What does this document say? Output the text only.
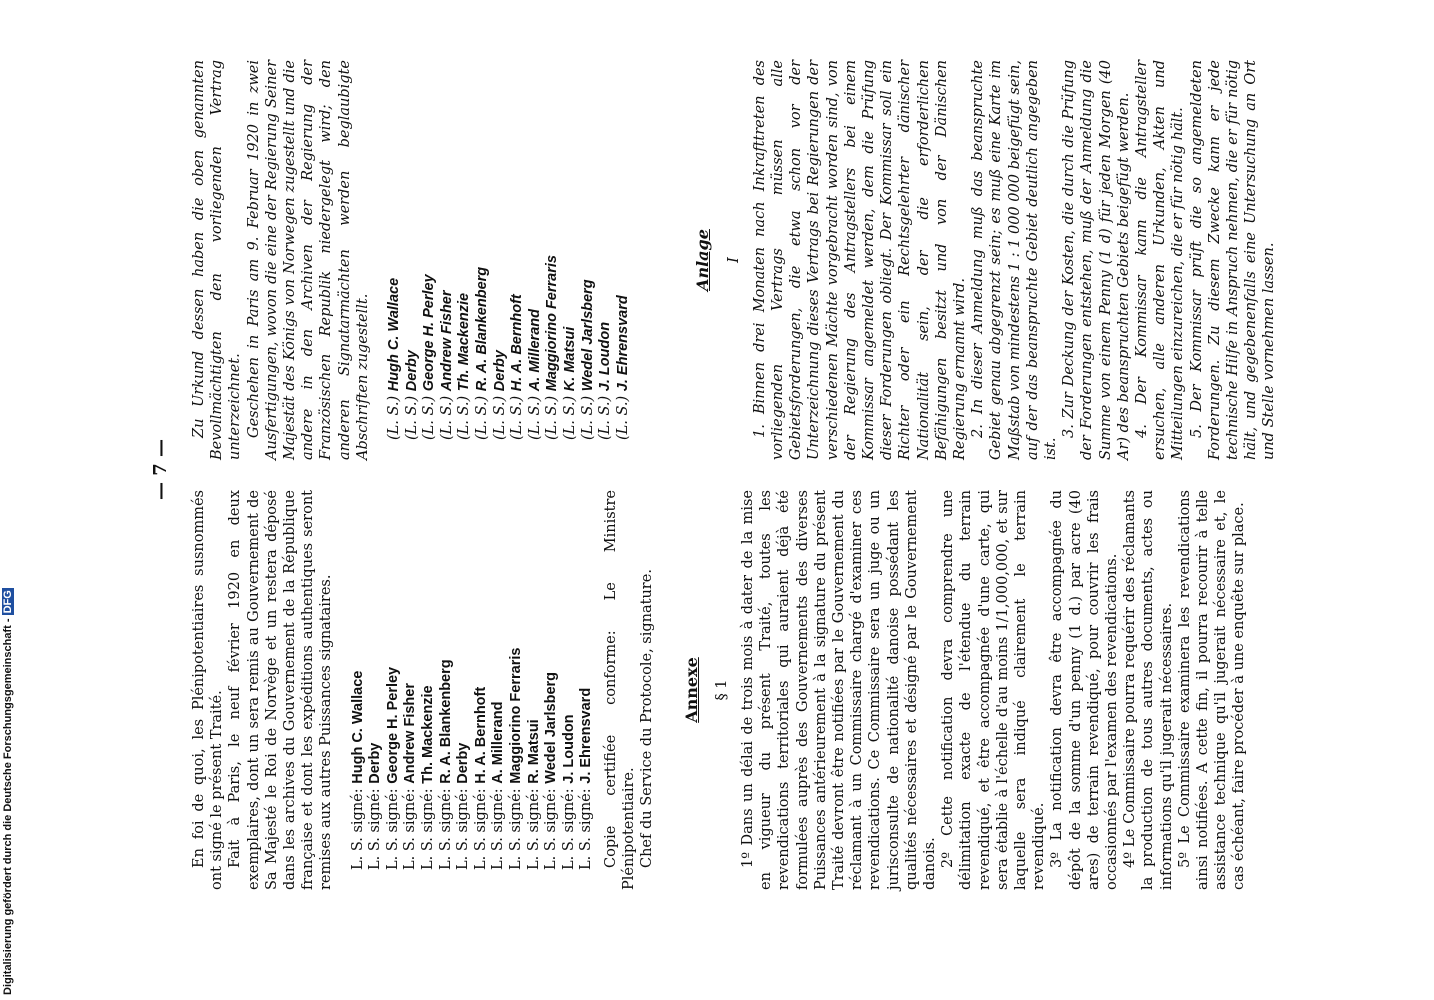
— 7 —

En foi de quoi, les Plénipotentiaires susnommés ont signé le présent Traité. Fait à Paris, le neuf février 1920 en deux exemplaires, dont un sera remis au Gouvernement de Sa Majesté le Roi de Norvège et un restera déposé dans les archives du Gouvernement de la République française et dont les expéditions authentiques seront remises aux autres Puissances signataires. L. S. signé: Hugh C. Wallace
L. S. signé: Derby
L. S. signé: George H. Perley
L. S. signé: Andrew Fisher
L. S. signé: Th. Mackenzie
L. S. signé: R. A. Blankenberg
L. S. signé: Derby
L. S. signé: H. A. Bernhoft
L. S. signé: A. Millerand
L. S. signé: Maggiorino Ferraris
L. S. signé: R. Matsui
L. S. signé: Wedel Jarlsberg
L. S. signé: J. Loudon
L. S. signé: J. Ehrensvard Copie certifiée conforme: Le Ministre Plénipotentiaire. Chef du Service du Protocole, signature. Annexe § 1 1º Dans un délai de trois mois à dater de la mise en vigueur du présent Traité, toutes les revendications territoriales qui auraient déjà été formulées auprès des Gouvernements des diverses Puissances antérieurement à la signature du présent Traité devront être notifiées par le Gouvernement du réclamant à un Commissaire chargé d'examiner ces revendications. Ce Commissaire sera un juge ou un jurisconsulte de nationalité danoise possédant les qualités nécessaires et désigné par le Gouvernement danois. 2º Cette notification devra comprendre une délimitation exacte de l'étendue du terrain revendiqué, et être accompagnée d'une carte, qui sera établie à l'échelle d'au moins 1/1,000,000, et sur laquelle sera indiqué clairement le terrain revendiqué. 3º La notification devra être accompagnée du dépôt de la somme d'un penny (1 d.) par acre (40 ares) de terrain revendiqué, pour couvrir les frais occasionnés par l'examen des revendications. 4º Le Commissaire pourra requérir des réclamants la production de tous autres documents, actes ou informations qu'il jugerait nécessaires. 5º Le Commissaire examinera les revendications ainsi notifiées. A cette fin, il pourra recourir à telle assistance technique qu'il jugerait nécessaire et, le cas échéant, faire procéder à une enquête sur place.

Zu Urkund dessen haben die oben genannten Bevollmächtigten den vorliegenden Vertrag unterzeichnet. Geschehen in Paris am 9. Februar 1920 in zwei Ausfertigungen, wovon die eine der Regierung Seiner Majestät des Königs von Norwegen zugestellt und die andere in den Archiven der Regierung der Französischen Republik niedergelegt wird; den anderen Signatarmächten werden beglaubigte Abschriften zugestellt. (L. S.) Hugh C. Wallace
(L. S.) Derby
(L. S.) George H. Perley
(L. S.) Andrew Fisher
(L. S.) Th. Mackenzie
(L. S.) R. A. Blankenberg
(L. S.) Derby
(L. S.) H. A. Bernhoft
(L. S.) A. Millerand
(L. S.) Maggiorino Ferraris
(L. S.) K. Matsui
(L. S.) Wedel Jarlsberg
(L. S.) J. Loudon
(L. S.) J. Ehrensvard
Anlage I 1. Binnen drei Monaten nach Inkrafttreten des vorliegenden Vertrags müssen alle Gebietsforderungen, die etwa schon vor der Unterzeichnung dieses Vertrags bei Regierungen der verschiedenen Mächte vorgebracht worden sind, von der Regierung des Antragstellers bei einem Kommissar angemeldet werden, dem die Prüfung dieser Forderungen obliegt. Der Kommissar soll ein Richter oder ein Rechtsgelehrter dänischer Nationalität sein, der die erforderlichen Befähigungen besitzt und von der Dänischen Regierung ernannt wird. 2. In dieser Anmeldung muß das beanspruchte Gebiet genau abgegrenzt sein; es muß eine Karte im Maßstab von mindestens 1 : 1 000 000 beigefügt sein, auf der das beanspruchte Gebiet deutlich angegeben ist.

3. Zur Deckung der Kosten, die durch die Prüfung der Forderungen entstehen, muß der Anmeldung die Summe von einem Penny (1 d) für jeden Morgen (40 Ar) des beanspruchten Gebiets beigefügt werden. 4. Der Kommissar kann die Antragsteller ersuchen, alle anderen Urkunden, Akten und Mitteilungen einzureichen, die er für nötig hält. 5. Der Kommissar prüft die so angemeldeten Forderungen. Zu diesem Zwecke kann er jede technische Hilfe in Anspruch nehmen, die er für nötig hält, und gegebenenfalls eine Untersuchung an Ort und Stelle vornehmen lassen.

Digitalisierung gefördert durch die Deutsche Forschungsgemeinschaft - DFG
